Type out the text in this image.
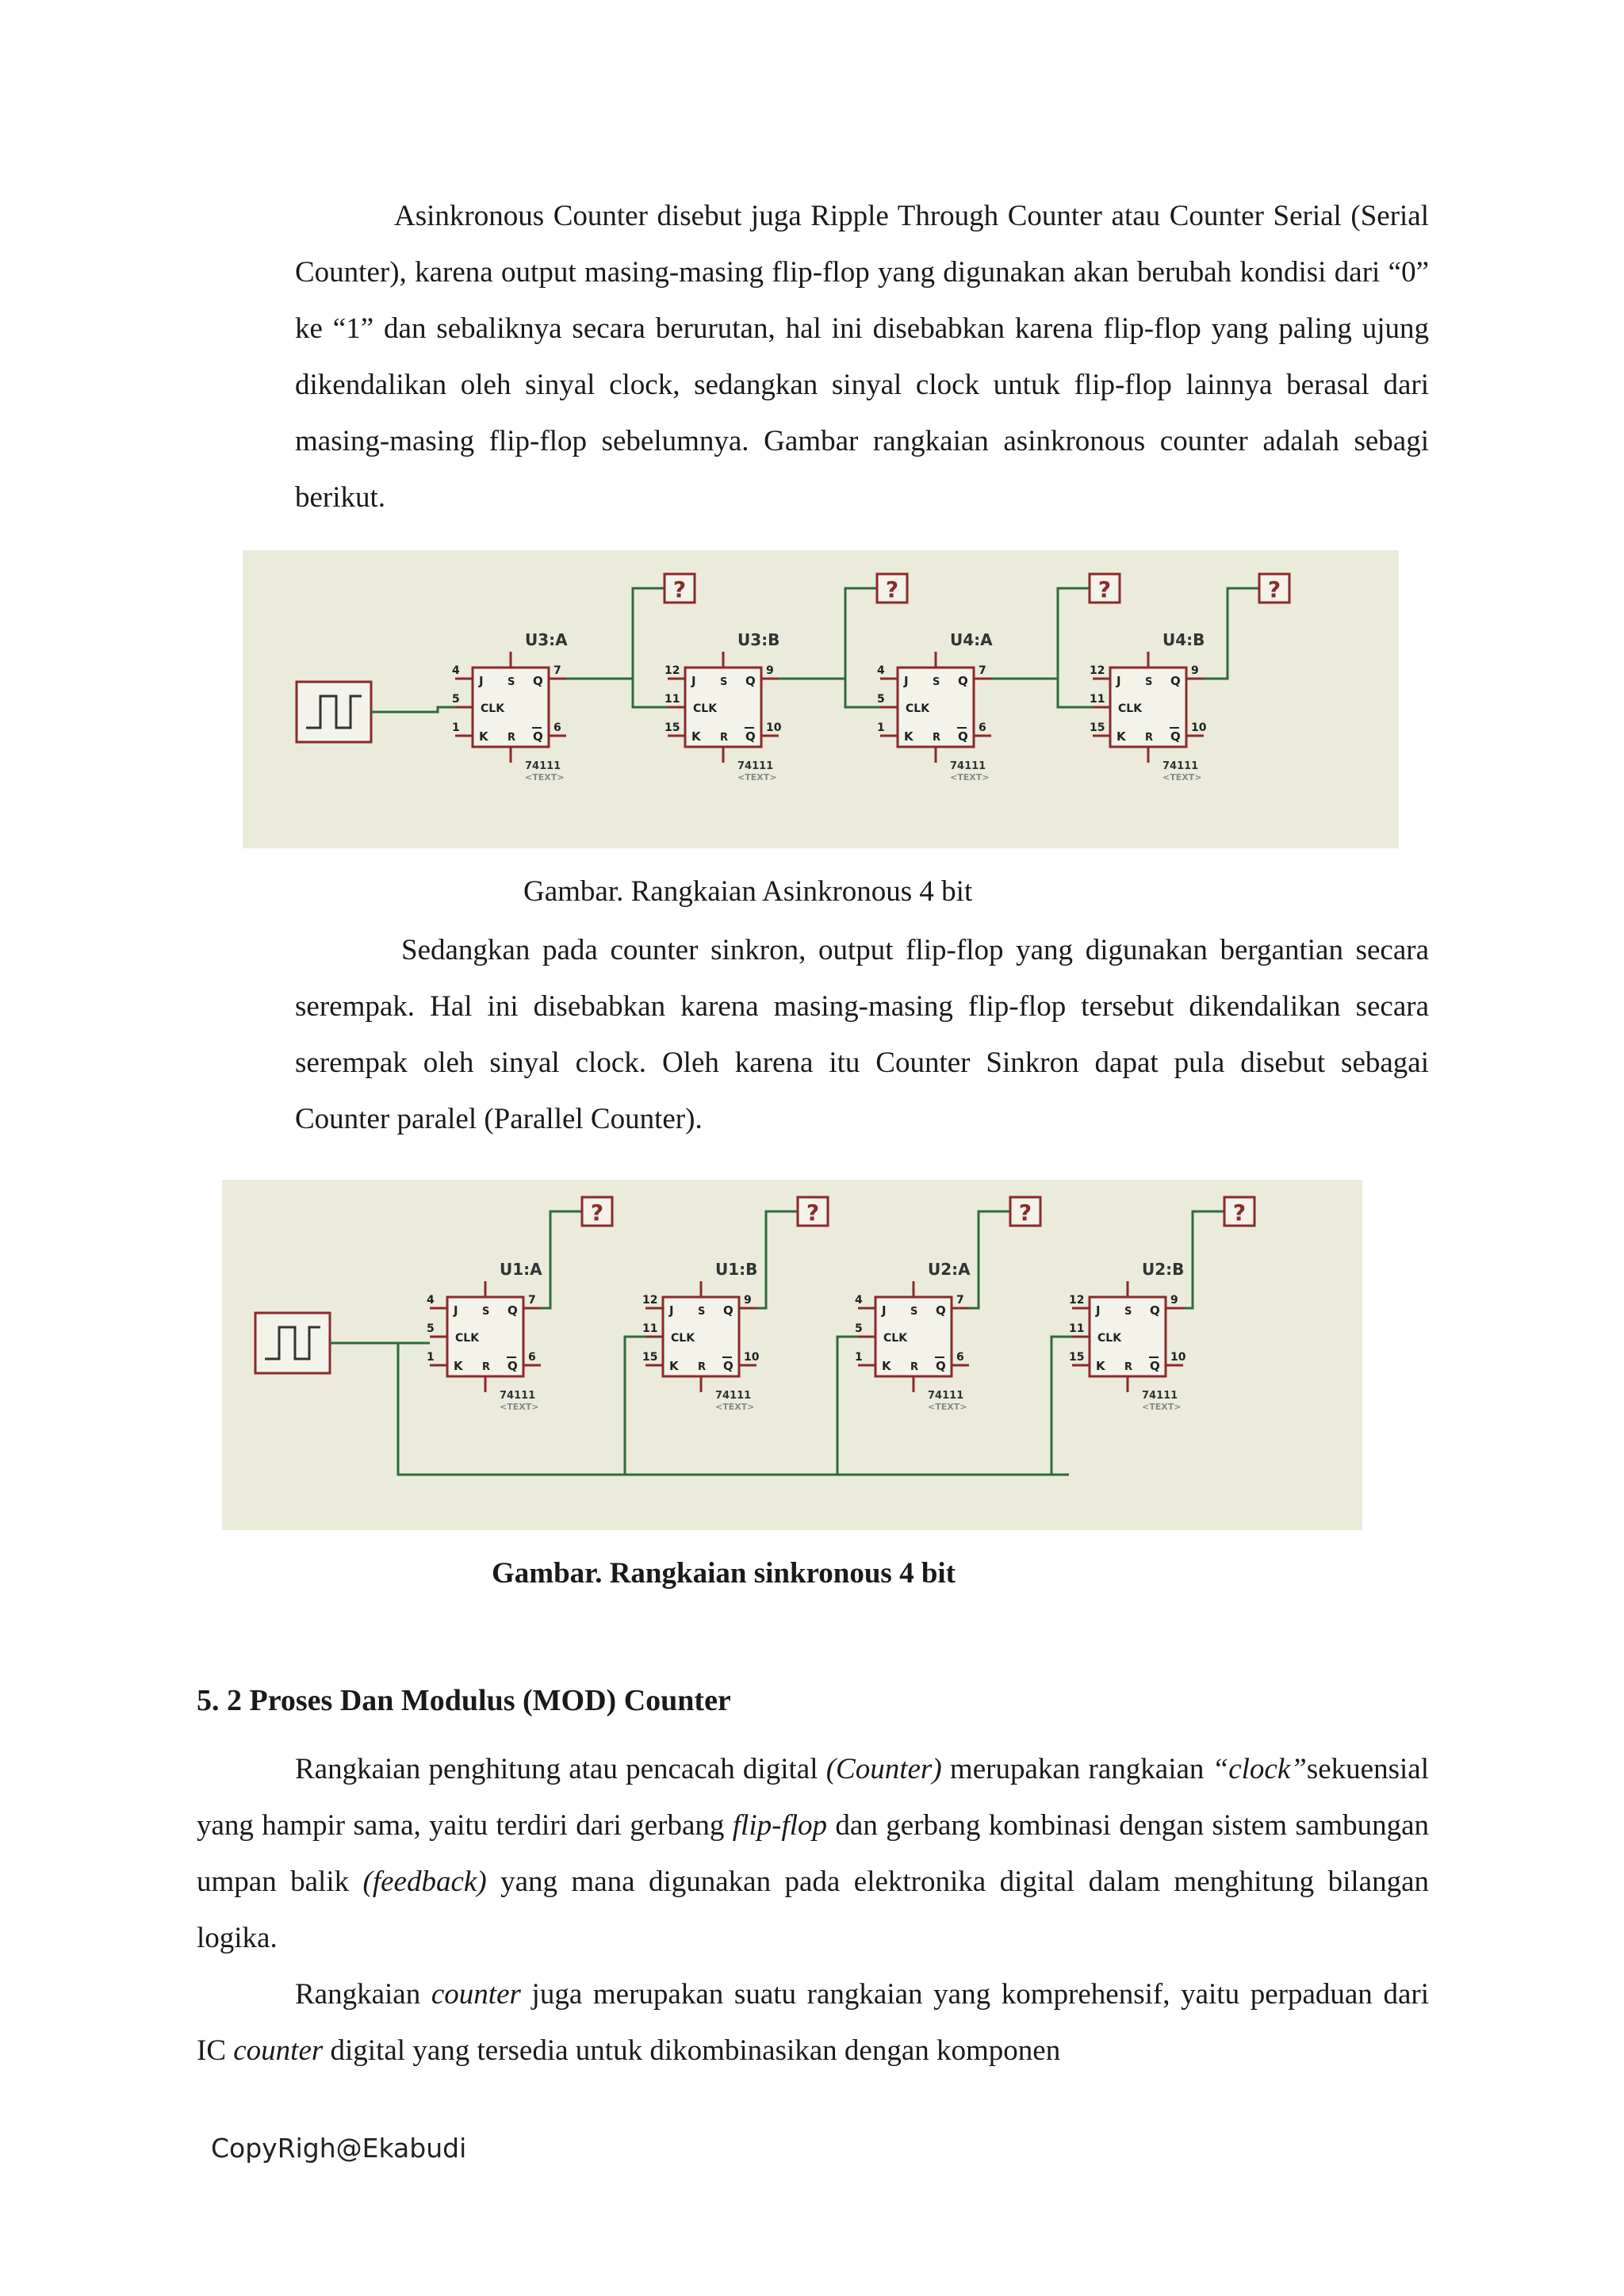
Asinkronous Counter disebut juga Ripple Through Counter atau Counter Serial (Serial Counter), karena output masing-masing flip-flop yang digunakan akan berubah kondisi dari “0” ke “1” dan sebaliknya secara berurutan, hal ini disebabkan karena flip-flop yang paling ujung dikendalikan oleh sinyal clock, sedangkan sinyal clock untuk flip-flop lainnya berasal dari masing-masing flip-flop sebelumnya. Gambar rangkaian asinkronous counter adalah sebagi berikut.

J
K
CLK
Q
Q
S
R
4
5
1
7
6
U3:A
74111
<TEXT>
?
J
K
CLK
Q
Q
S
R
12
11
15
9
10
U3:B
74111
<TEXT>
?
J
K
CLK
Q
Q
S
R
4
5
1
7
6
U4:A
74111
<TEXT>
?
J
K
CLK
Q
Q
S
R
12
11
15
9
10
U4:B
74111
<TEXT>
?
Gambar. Rangkaian Asinkronous 4 bit

Sedangkan pada counter sinkron, output flip-flop yang digunakan bergantian secara serempak. Hal ini disebabkan karena masing-masing flip-flop tersebut dikendalikan secara serempak oleh sinyal clock. Oleh karena itu Counter Sinkron dapat pula disebut sebagai Counter paralel (Parallel Counter).

J
K
CLK
Q
Q
S
R
4
5
1
7
6
U1:A
74111
<TEXT>
?
J
K
CLK
Q
Q
S
R
12
11
15
9
10
U1:B
74111
<TEXT>
?
J
K
CLK
Q
Q
S
R
4
5
1
7
6
U2:A
74111
<TEXT>
?
J
K
CLK
Q
Q
S
R
12
11
15
9
10
U2:B
74111
<TEXT>
?
Gambar. Rangkaian sinkronous 4 bit
5. 2 Proses Dan Modulus (MOD) Counter

Rangkaian penghitung atau pencacah digital (Counter) merupakan rangkaian “clock”sekuensial yang hampir sama, yaitu terdiri dari gerbang flip-flop dan gerbang kombinasi dengan sistem sambungan umpan balik (feedback) yang mana digunakan pada elektronika digital dalam menghitung bilangan logika.

Rangkaian counter juga merupakan suatu rangkaian yang komprehensif, yaitu perpaduan dari IC counter digital yang tersedia untuk dikombinasikan dengan komponen

CopyRigh@Ekabudi
